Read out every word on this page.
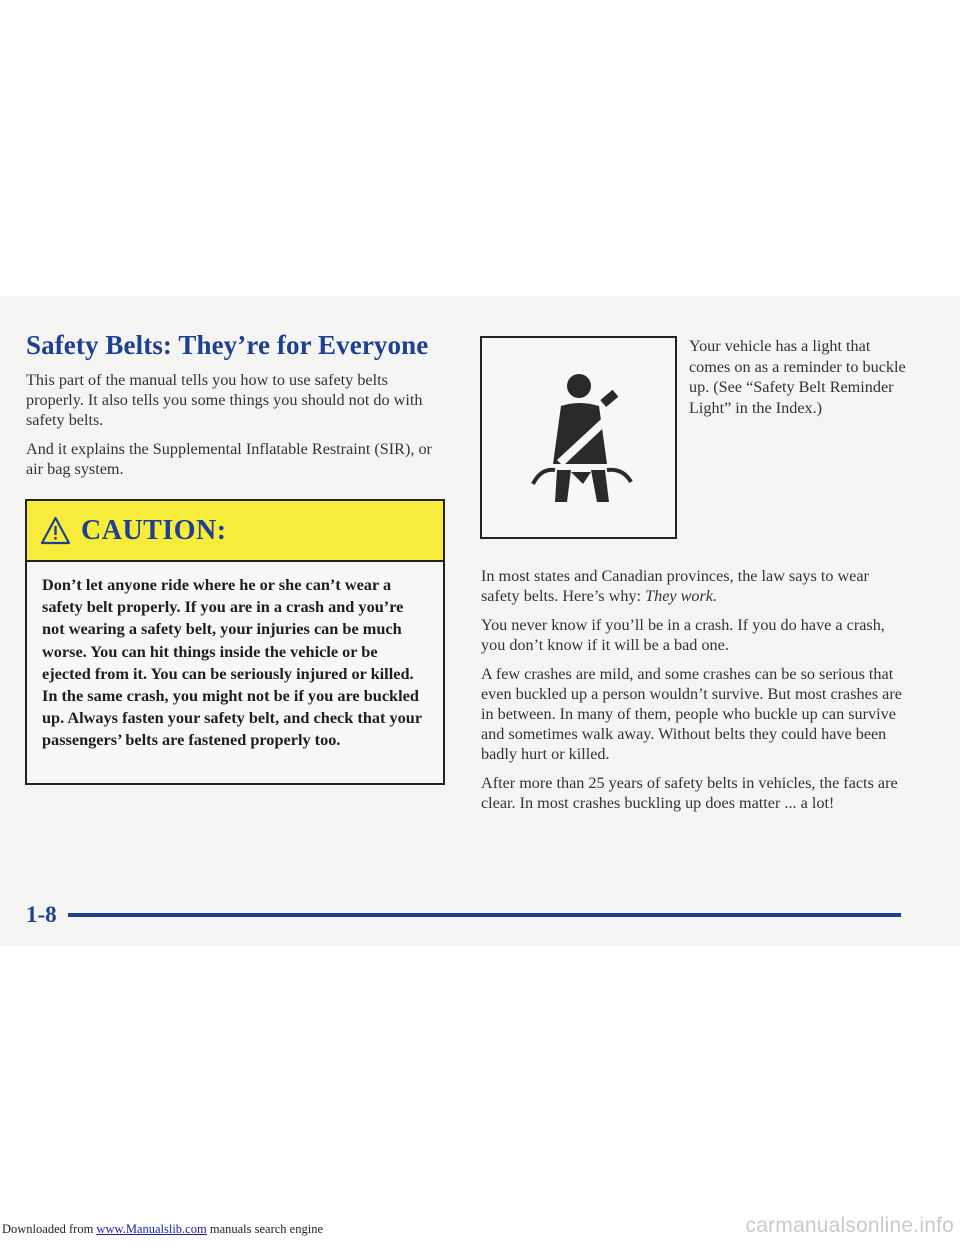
Safety Belts: They’re for Everyone

This part of the manual tells you how to use safety belts properly. It also tells you some things you should not do with safety belts.

And it explains the Supplemental Inflatable Restraint (SIR), or air bag system.

CAUTION:
Don’t let anyone ride where he or she can’t wear a safety belt properly. If you are in a crash and you’re not wearing a safety belt, your injuries can be much worse. You can hit things inside the vehicle or be ejected from it. You can be seriously injured or killed. In the same crash, you might not be if you are buckled up. Always fasten your safety belt, and check that your passengers’ belts are fastened properly too.
Your vehicle has a light that comes on as a reminder to buckle up. (See “Safety Belt Reminder Light” in the Index.)

In most states and Canadian provinces, the law says to wear safety belts. Here’s why: They work.

You never know if you’ll be in a crash. If you do have a crash, you don’t know if it will be a bad one.

A few crashes are mild, and some crashes can be so serious that even buckled up a person wouldn’t survive. But most crashes are in between. In many of them, people who buckle up can survive and sometimes walk away. Without belts they could have been badly hurt or killed.

After more than 25 years of safety belts in vehicles, the facts are clear. In most crashes buckling up does matter ... a lot!

1-8
Downloaded from www.Manualslib.com manuals search engine	carmanualsonline.info
